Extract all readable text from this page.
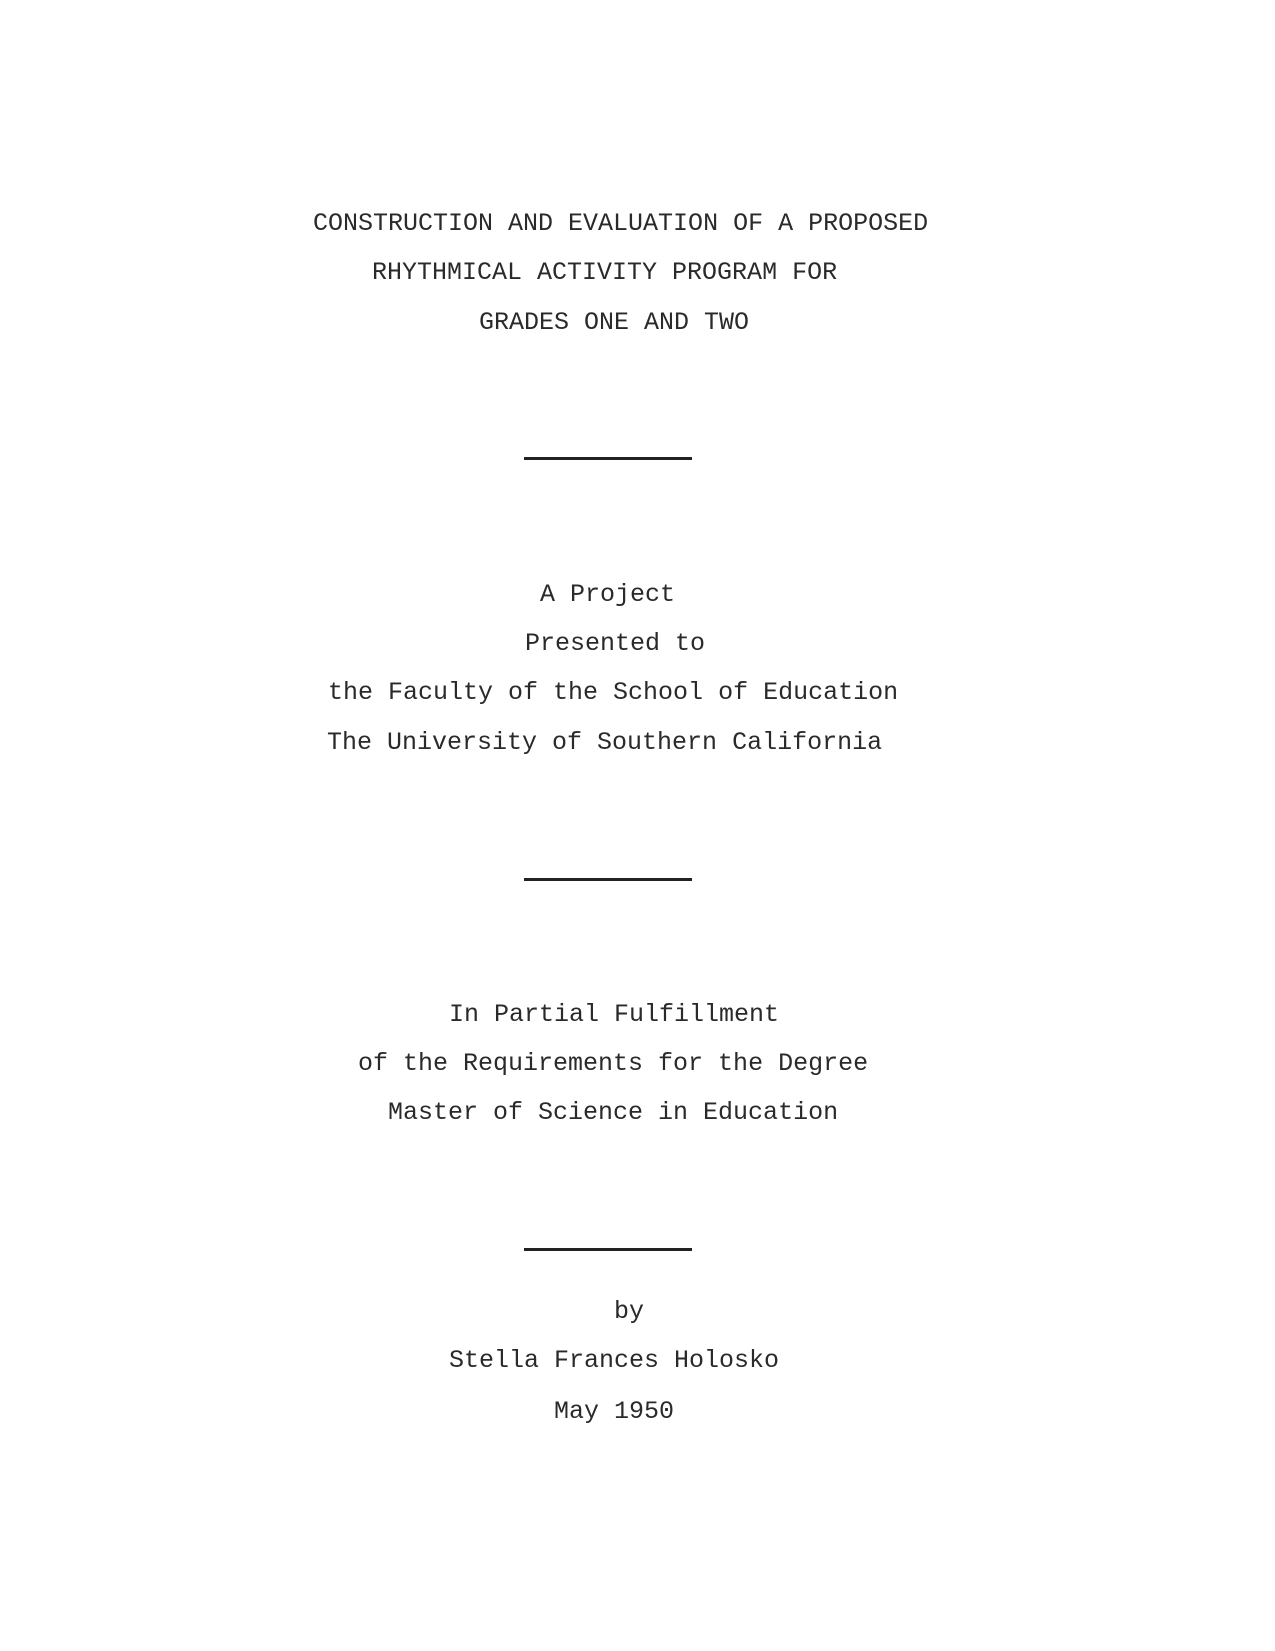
CONSTRUCTION AND EVALUATION OF A PROPOSED
RHYTHMICAL ACTIVITY PROGRAM FOR
GRADES ONE AND TWO
A Project
Presented to
the Faculty of the School of Education
The University of Southern California
In Partial Fulfillment
of the Requirements for the Degree
Master of Science in Education
by
Stella Frances Holosko
May 1950
